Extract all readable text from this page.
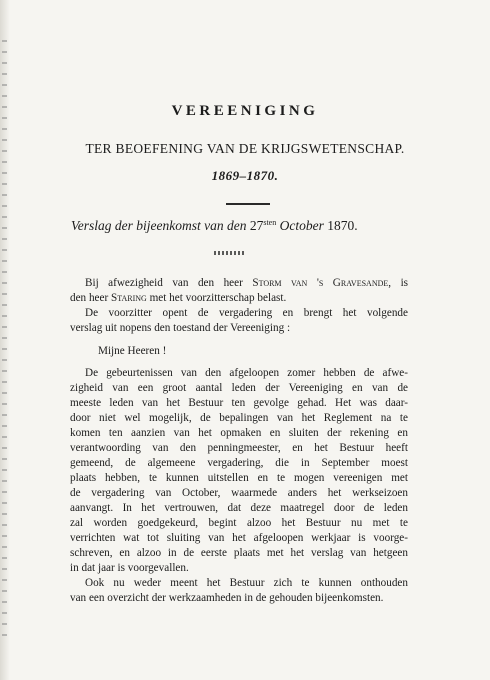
VEREENIGING
TER BEOEFENING VAN DE KRIJGSWETENSCHAP.
1869–1870.
Verslag der bijeenkomst van den $27^{sten}$ October 1870.
Bij afwezigheid van den heer Storm van 's Gravesande, is
den heer Staring met het voorzitterschap belast.
De voorzitter opent de vergadering en brengt het volgende
verslag uit nopens den toestand der Vereeniging :
Mijne Heeren !
De gebeurtenissen van den afgeloopen zomer hebben de afwe-
zigheid van een groot aantal leden der Vereeniging en van de
meeste leden van het Bestuur ten gevolge gehad. Het was daar-
door niet wel mogelijk, de bepalingen van het Reglement na te
komen ten aanzien van het opmaken en sluiten der rekening en
verantwoording van den penningmeester, en het Bestuur heeft
gemeend, de algemeene vergadering, die in September moest
plaats hebben, te kunnen uitstellen en te mogen vereenigen met
de vergadering van October, waarmede anders het werkseizoen
aanvangt. In het vertrouwen, dat deze maatregel door de leden
zal worden goedgekeurd, begint alzoo het Bestuur nu met te
verrichten wat tot sluiting van het afgeloopen werkjaar is voorge-
schreven, en alzoo in de eerste plaats met het verslag van hetgeen
in dat jaar is voorgevallen.
Ook nu weder meent het Bestuur zich te kunnen onthouden
van een overzicht der werkzaamheden in de gehouden bijeenkomsten.
